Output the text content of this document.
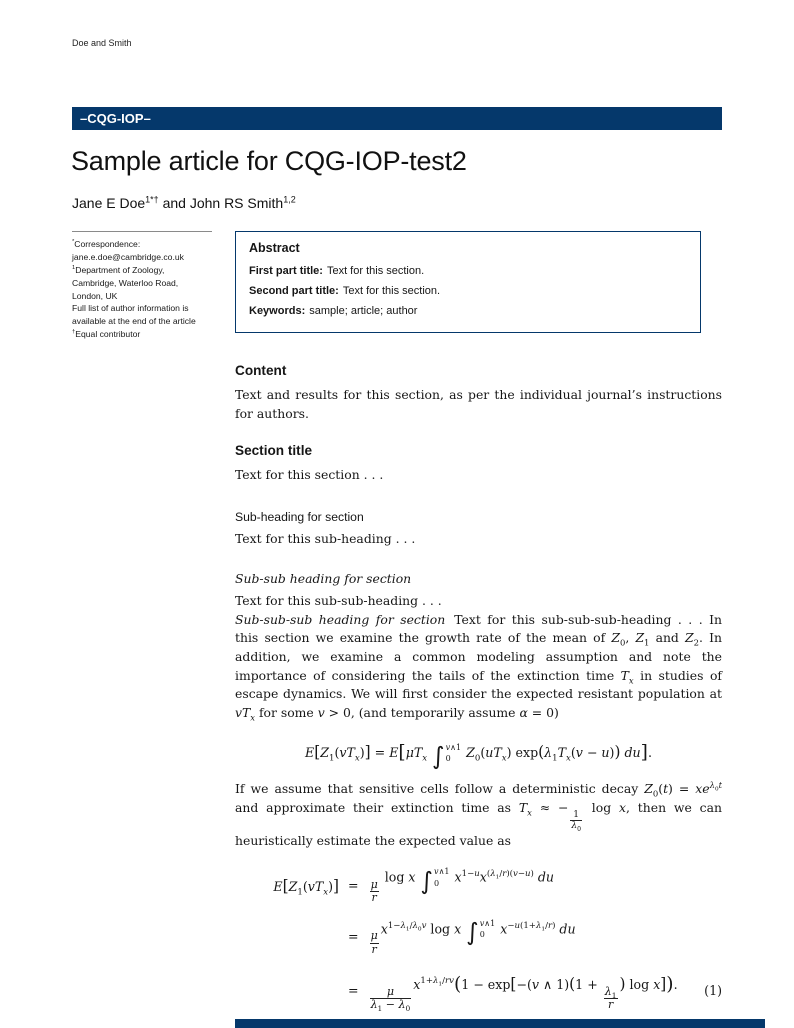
Doe and Smith
–CQG-IOP–
Sample article for CQG-IOP-test2
Jane E Doe$^{1*\dagger}$ and John RS Smith$^{1,2}$
*Correspondence:
jane.e.doe@cambridge.co.uk
$^1$Department of Zoology,
Cambridge, Waterloo Road,
London, UK
Full list of author information is
available at the end of the article
†Equal contributor
Abstract
First part title: Text for this section.
Second part title: Text for this section.
Keywords: sample; article; author
Content

Text and results for this section, as per the individual journal’s instructions for authors.

Section title

Text for this section . . .

Sub-heading for section

Text for this sub-heading . . .

Sub-sub heading for section

Text for this sub-sub-heading . . .

Sub-sub-sub heading for section Text for this sub-sub-sub-heading . . . In this section we examine the growth rate of the mean of $Z_0$, $Z_1$ and $Z_2$. In addition, we examine a common modeling assumption and note the importance of considering the tails of the extinction time $T_x$ in studies of escape dynamics. We will first consider the expected resistant population at $vT_x$ for some v > 0, (and temporarily assume α = 0)

$E[Z_1(vT_x)] = E[\mu T_x$ ∫ v∧1
0	$Z_0(uT_x) \exp(\lambda_1T_x(v - u))$ du].

If we assume that sensitive cells follow a deterministic decay $Z_0(t) = xe^{\lambda_0t}$ and approximate their extinction time as $T_x$ ≈ −
$\frac{1}{\lambda_0}$
log x, then we can heuristically estimate the expected value as

$E[Z_1(vT_x)]$	=	$\frac{\mu}{r}$
log x ∫ v∧1
0	$x^{1-u}x^{(\lambda_1/r)(v-u)}$ du	
	=	$\frac{\mu}{r}$
$x^{1-\lambda_1/\lambda_0v}$ log x ∫ v∧1
0	$x^{-u(1+\lambda_1/r)}$ du	
	=	$\frac{\mu}{\lambda_1 - \lambda_0}$
$x^{1+\lambda_1/rv}(1 - \exp[-(v$ ∧ 1)(1 +
$\frac{\lambda_1}{r}$
) log x]).	(1)
